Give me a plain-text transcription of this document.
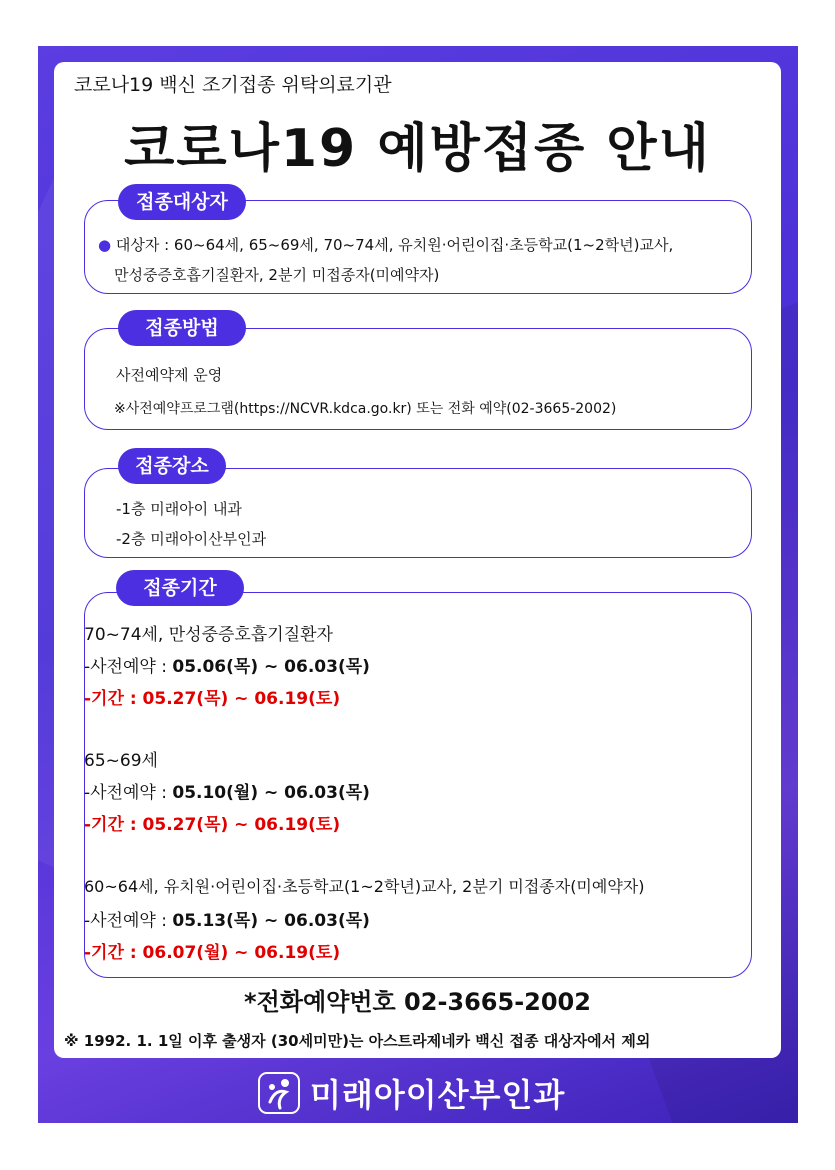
코로나19 백신 조기접종 위탁의료기관
코로나19 예방접종 안내
접종대상자
● 대상자 : 60~64세, 65~69세, 70~74세, 유치원·어린이집·초등학교(1~2학년)교사,
만성중증호흡기질환자, 2분기 미접종자(미예약자)
접종방법
사전예약제 운영
※사전예약프로그램(https://NCVR.kdca.go.kr) 또는 전화 예약(02-3665-2002)
접종장소
-1층 미래아이 내과
-2층 미래아이산부인과
접종기간
70~74세, 만성중증호흡기질환자
-사전예약 : 05.06(목) ~ 06.03(목)
-기간 : 05.27(목) ~ 06.19(토)
65~69세
-사전예약 : 05.10(월) ~ 06.03(목)
-기간 : 05.27(목) ~ 06.19(토)
60~64세, 유치원·어린이집·초등학교(1~2학년)교사, 2분기 미접종자(미예약자)
-사전예약 : 05.13(목) ~ 06.03(목)
-기간 : 06.07(월) ~ 06.19(토)
*전화예약번호 02-3665-2002
※ 1992. 1. 1일 이후 출생자 (30세미만)는 아스트라제네카 백신 접종 대상자에서 제외
미래아이산부인과
